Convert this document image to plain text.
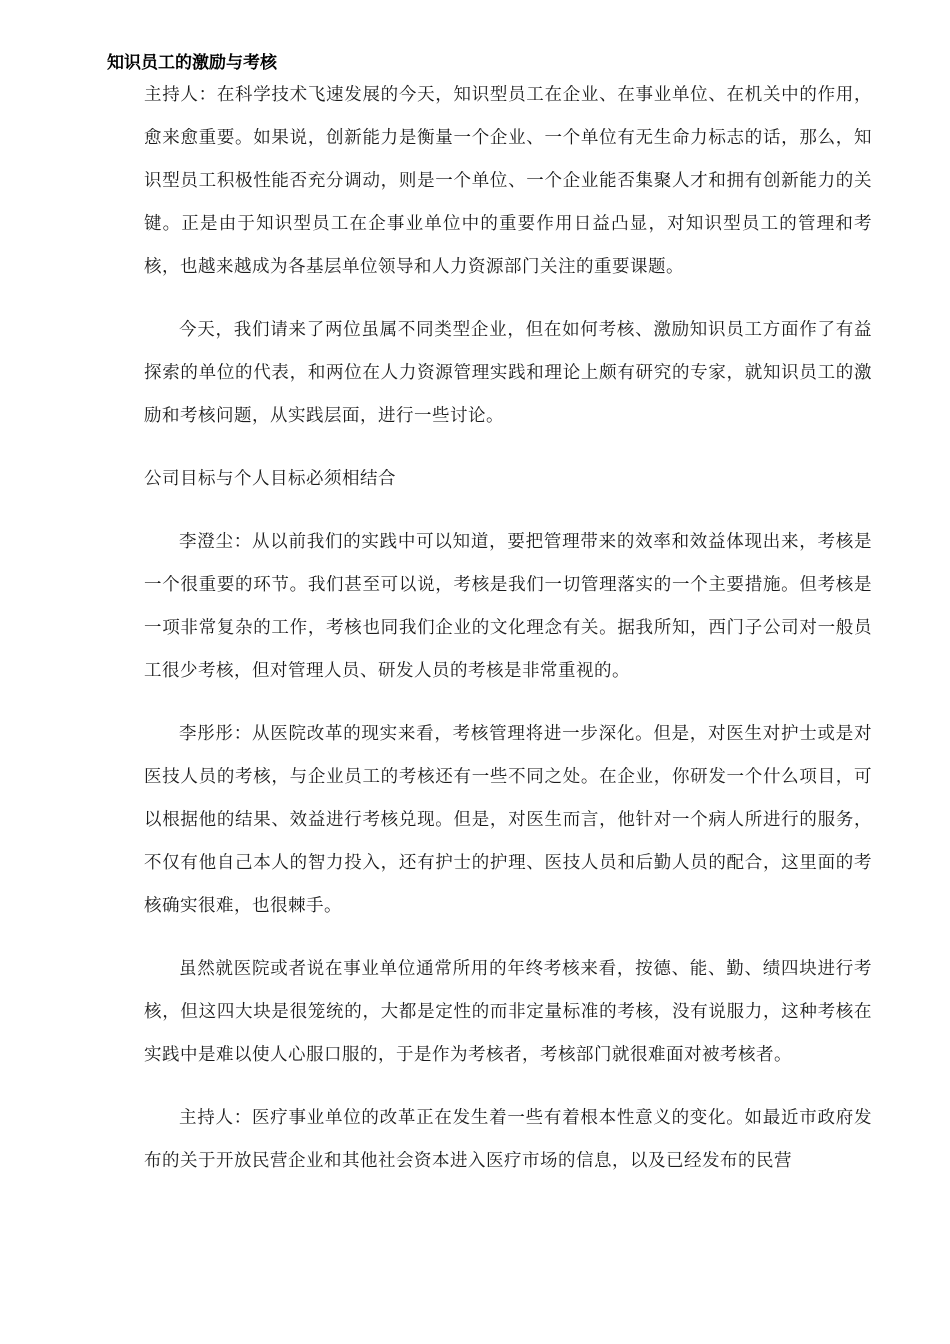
知识员工的激励与考核

主持人：在科学技术飞速发展的今天，知识型员工在企业、在事业单位、在机关中的作用，愈来愈重要。如果说，创新能力是衡量一个企业、一个单位有无生命力标志的话，那么，知识型员工积极性能否充分调动，则是一个单位、一个企业能否集聚人才和拥有创新能力的关键。正是由于知识型员工在企事业单位中的重要作用日益凸显，对知识型员工的管理和考核，也越来越成为各基层单位领导和人力资源部门关注的重要课题。

今天，我们请来了两位虽属不同类型企业，但在如何考核、激励知识员工方面作了有益探索的单位的代表，和两位在人力资源管理实践和理论上颇有研究的专家，就知识员工的激励和考核问题，从实践层面，进行一些讨论。

公司目标与个人目标必须相结合

李澄尘：从以前我们的实践中可以知道，要把管理带来的效率和效益体现出来，考核是一个很重要的环节。我们甚至可以说，考核是我们一切管理落实的一个主要措施。但考核是一项非常复杂的工作，考核也同我们企业的文化理念有关。据我所知，西门子公司对一般员工很少考核，但对管理人员、研发人员的考核是非常重视的。

李彤彤：从医院改革的现实来看，考核管理将进一步深化。但是，对医生对护士或是对医技人员的考核，与企业员工的考核还有一些不同之处。在企业，你研发一个什么项目，可以根据他的结果、效益进行考核兑现。但是，对医生而言，他针对一个病人所进行的服务，不仅有他自己本人的智力投入，还有护士的护理、医技人员和后勤人员的配合，这里面的考核确实很难，也很棘手。

虽然就医院或者说在事业单位通常所用的年终考核来看，按德、能、勤、绩四块进行考核，但这四大块是很笼统的，大都是定性的而非定量标准的考核，没有说服力，这种考核在实践中是难以使人心服口服的，于是作为考核者，考核部门就很难面对被考核者。

主持人：医疗事业单位的改革正在发生着一些有着根本性意义的变化。如最近市政府发布的关于开放民营企业和其他社会资本进入医疗市场的信息，以及已经发布的民营
